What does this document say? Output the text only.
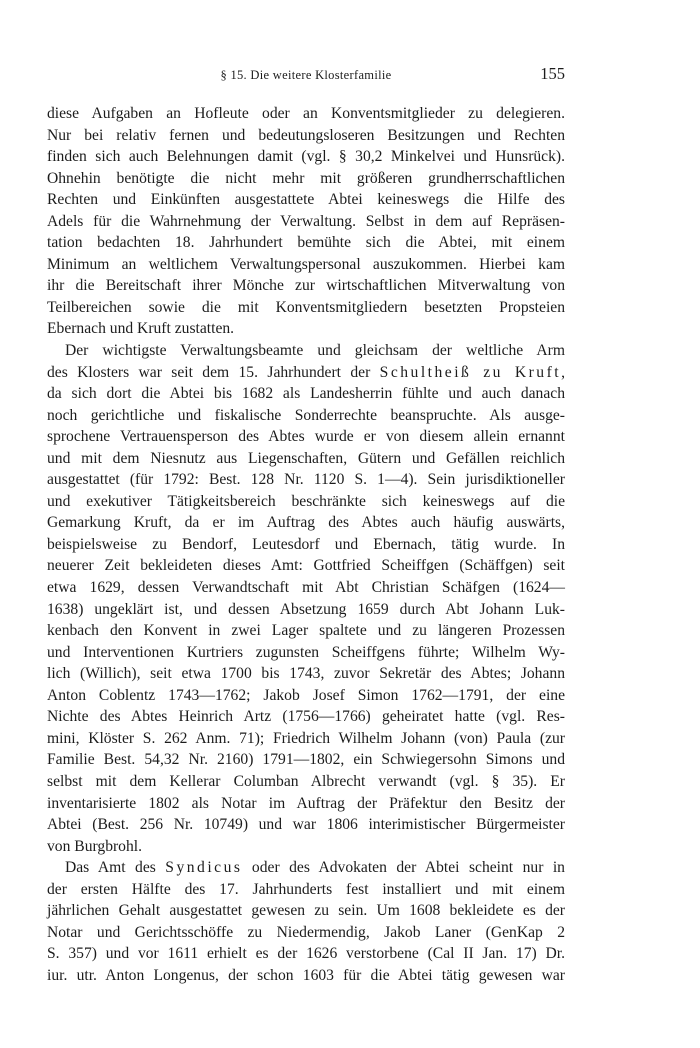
§ 15. Die weitere Klosterfamilie	155
diese Aufgaben an Hofleute oder an Konventsmitglieder zu delegieren.
Nur bei relativ fernen und bedeutungsloseren Besitzungen und Rechten
finden sich auch Belehnungen damit (vgl. § 30,2 Minkelvei und Hunsrück).
Ohnehin benötigte die nicht mehr mit größeren grundherrschaftlichen
Rechten und Einkünften ausgestattete Abtei keineswegs die Hilfe des
Adels für die Wahrnehmung der Verwaltung. Selbst in dem auf Repräsen-
tation bedachten 18. Jahrhundert bemühte sich die Abtei, mit einem
Minimum an weltlichem Verwaltungspersonal auszukommen. Hierbei kam
ihr die Bereitschaft ihrer Mönche zur wirtschaftlichen Mitverwaltung von
Teilbereichen sowie die mit Konventsmitgliedern besetzten Propsteien
Ebernach und Kruft zustatten.
Der wichtigste Verwaltungsbeamte und gleichsam der weltliche Arm
des Klosters war seit dem 15. Jahrhundert der Schultheiß zu Kruft,
da sich dort die Abtei bis 1682 als Landesherrin fühlte und auch danach
noch gerichtliche und fiskalische Sonderrechte beanspruchte. Als ausge-
sprochene Vertrauensperson des Abtes wurde er von diesem allein ernannt
und mit dem Niesnutz aus Liegenschaften, Gütern und Gefällen reichlich
ausgestattet (für 1792: Best. 128 Nr. 1120 S. 1—4). Sein jurisdiktioneller
und exekutiver Tätigkeitsbereich beschränkte sich keineswegs auf die
Gemarkung Kruft, da er im Auftrag des Abtes auch häufig auswärts,
beispielsweise zu Bendorf, Leutesdorf und Ebernach, tätig wurde. In
neuerer Zeit bekleideten dieses Amt: Gottfried Scheiffgen (Schäffgen) seit
etwa 1629, dessen Verwandtschaft mit Abt Christian Schäfgen (1624—
1638) ungeklärt ist, und dessen Absetzung 1659 durch Abt Johann Luk-
kenbach den Konvent in zwei Lager spaltete und zu längeren Prozessen
und Interventionen Kurtriers zugunsten Scheiffgens führte; Wilhelm Wy-
lich (Willich), seit etwa 1700 bis 1743, zuvor Sekretär des Abtes; Johann
Anton Coblentz 1743—1762; Jakob Josef Simon 1762—1791, der eine
Nichte des Abtes Heinrich Artz (1756—1766) geheiratet hatte (vgl. Res-
mini, Klöster S. 262 Anm. 71); Friedrich Wilhelm Johann (von) Paula (zur
Familie Best. 54,32 Nr. 2160) 1791—1802, ein Schwiegersohn Simons und
selbst mit dem Kellerar Columban Albrecht verwandt (vgl. § 35). Er
inventarisierte 1802 als Notar im Auftrag der Präfektur den Besitz der
Abtei (Best. 256 Nr. 10749) und war 1806 interimistischer Bürgermeister
von Burgbrohl.
Das Amt des Syndicus oder des Advokaten der Abtei scheint nur in
der ersten Hälfte des 17. Jahrhunderts fest installiert und mit einem
jährlichen Gehalt ausgestattet gewesen zu sein. Um 1608 bekleidete es der
Notar und Gerichtsschöffe zu Niedermendig, Jakob Laner (GenKap 2
S. 357) und vor 1611 erhielt es der 1626 verstorbene (Cal II Jan. 17) Dr.
iur. utr. Anton Longenus, der schon 1603 für die Abtei tätig gewesen war
